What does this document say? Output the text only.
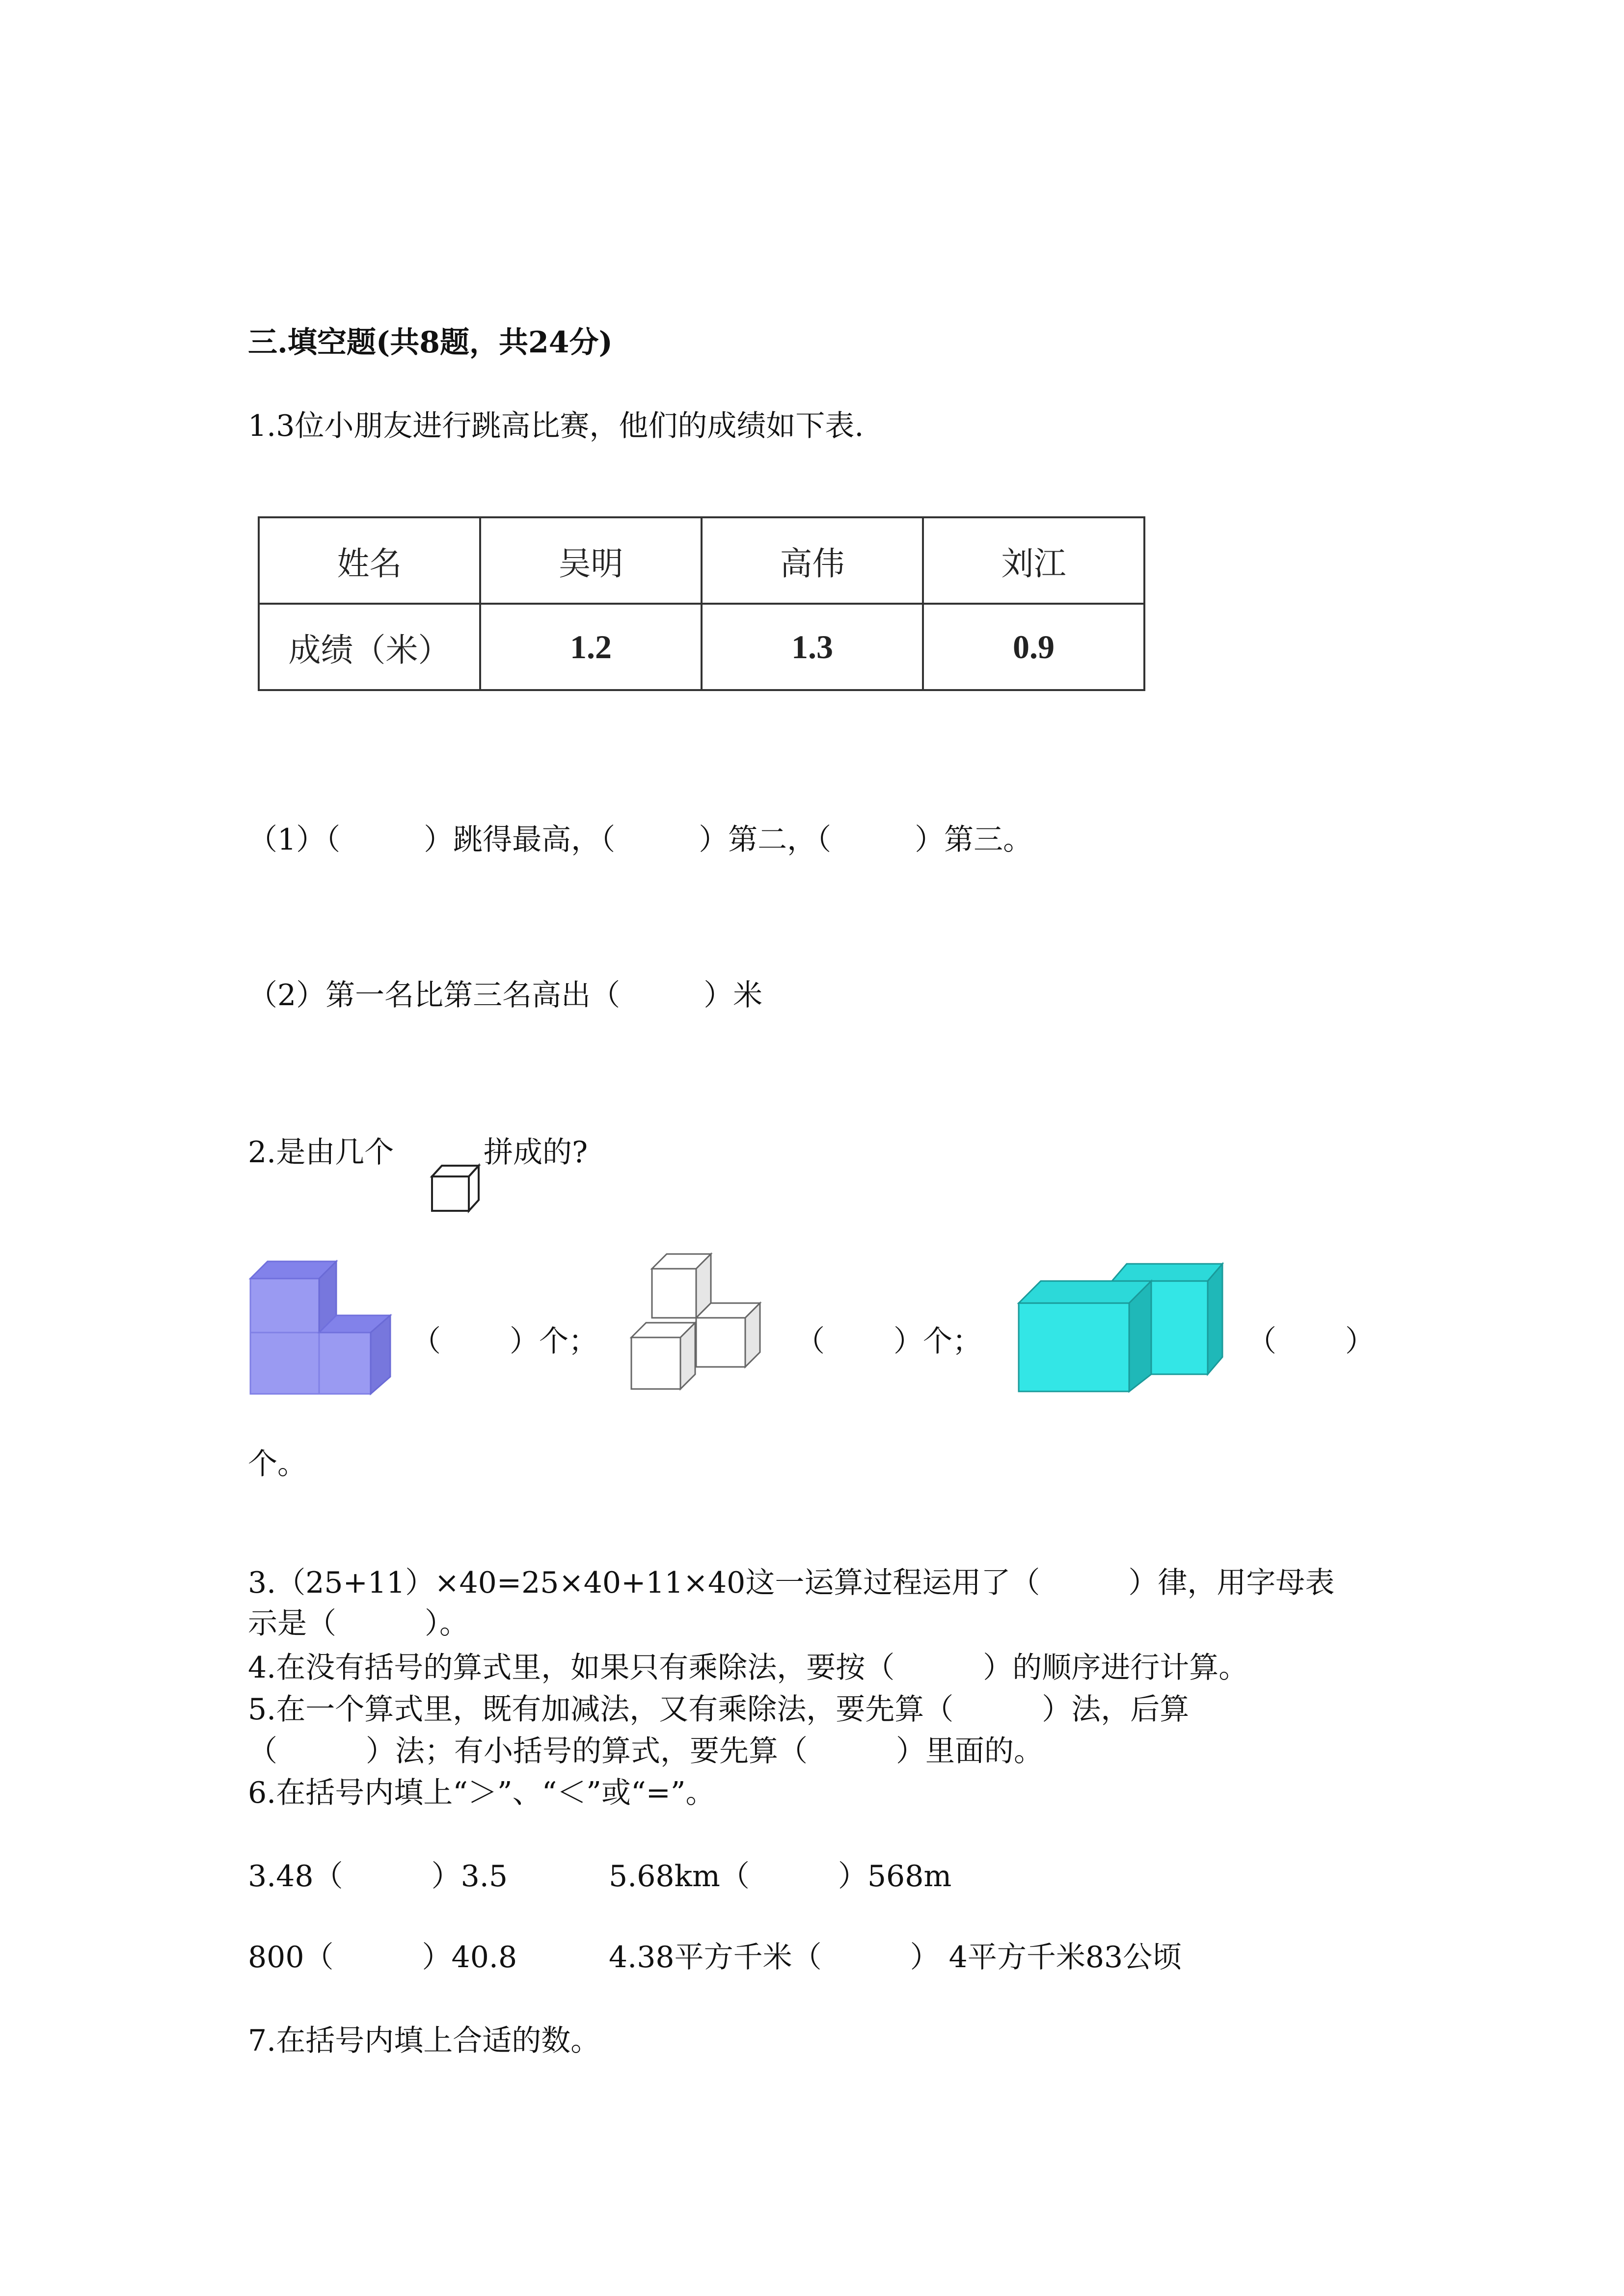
三.填空题(共8题，共24分)
1.3位小朋友进行跳高比赛，他们的成绩如下表.
姓名	吴明	高伟	刘江
成绩（米）	1.2	1.3	0.9
（1）（	）跳得最高，（	）第二，（	）第三。
（2）第一名比第三名高出（	）米
2.是由几个	拼成的?
（ ）个；	（ ）个；	（ ）
个。
3.（25+11）×40=25×40+11×40这一运算过程运用了（　　　）律，用字母表
示是（　　　）。
4.在没有括号的算式里，如果只有乘除法，要按（　　　）的顺序进行计算。
5.在一个算式里，既有加减法，又有乘除法，要先算（　　　）法，后算
（　　　）法；有小括号的算式，要先算（　　　）里面的。
6.在括号内填上“＞”、“＜”或“=”。
3.48（　　　）3.5	5.68km（　　　）568m
800（　　　）40.8	4.38平方千米（　　　） 4平方千米83公顷
7.在括号内填上合适的数。
